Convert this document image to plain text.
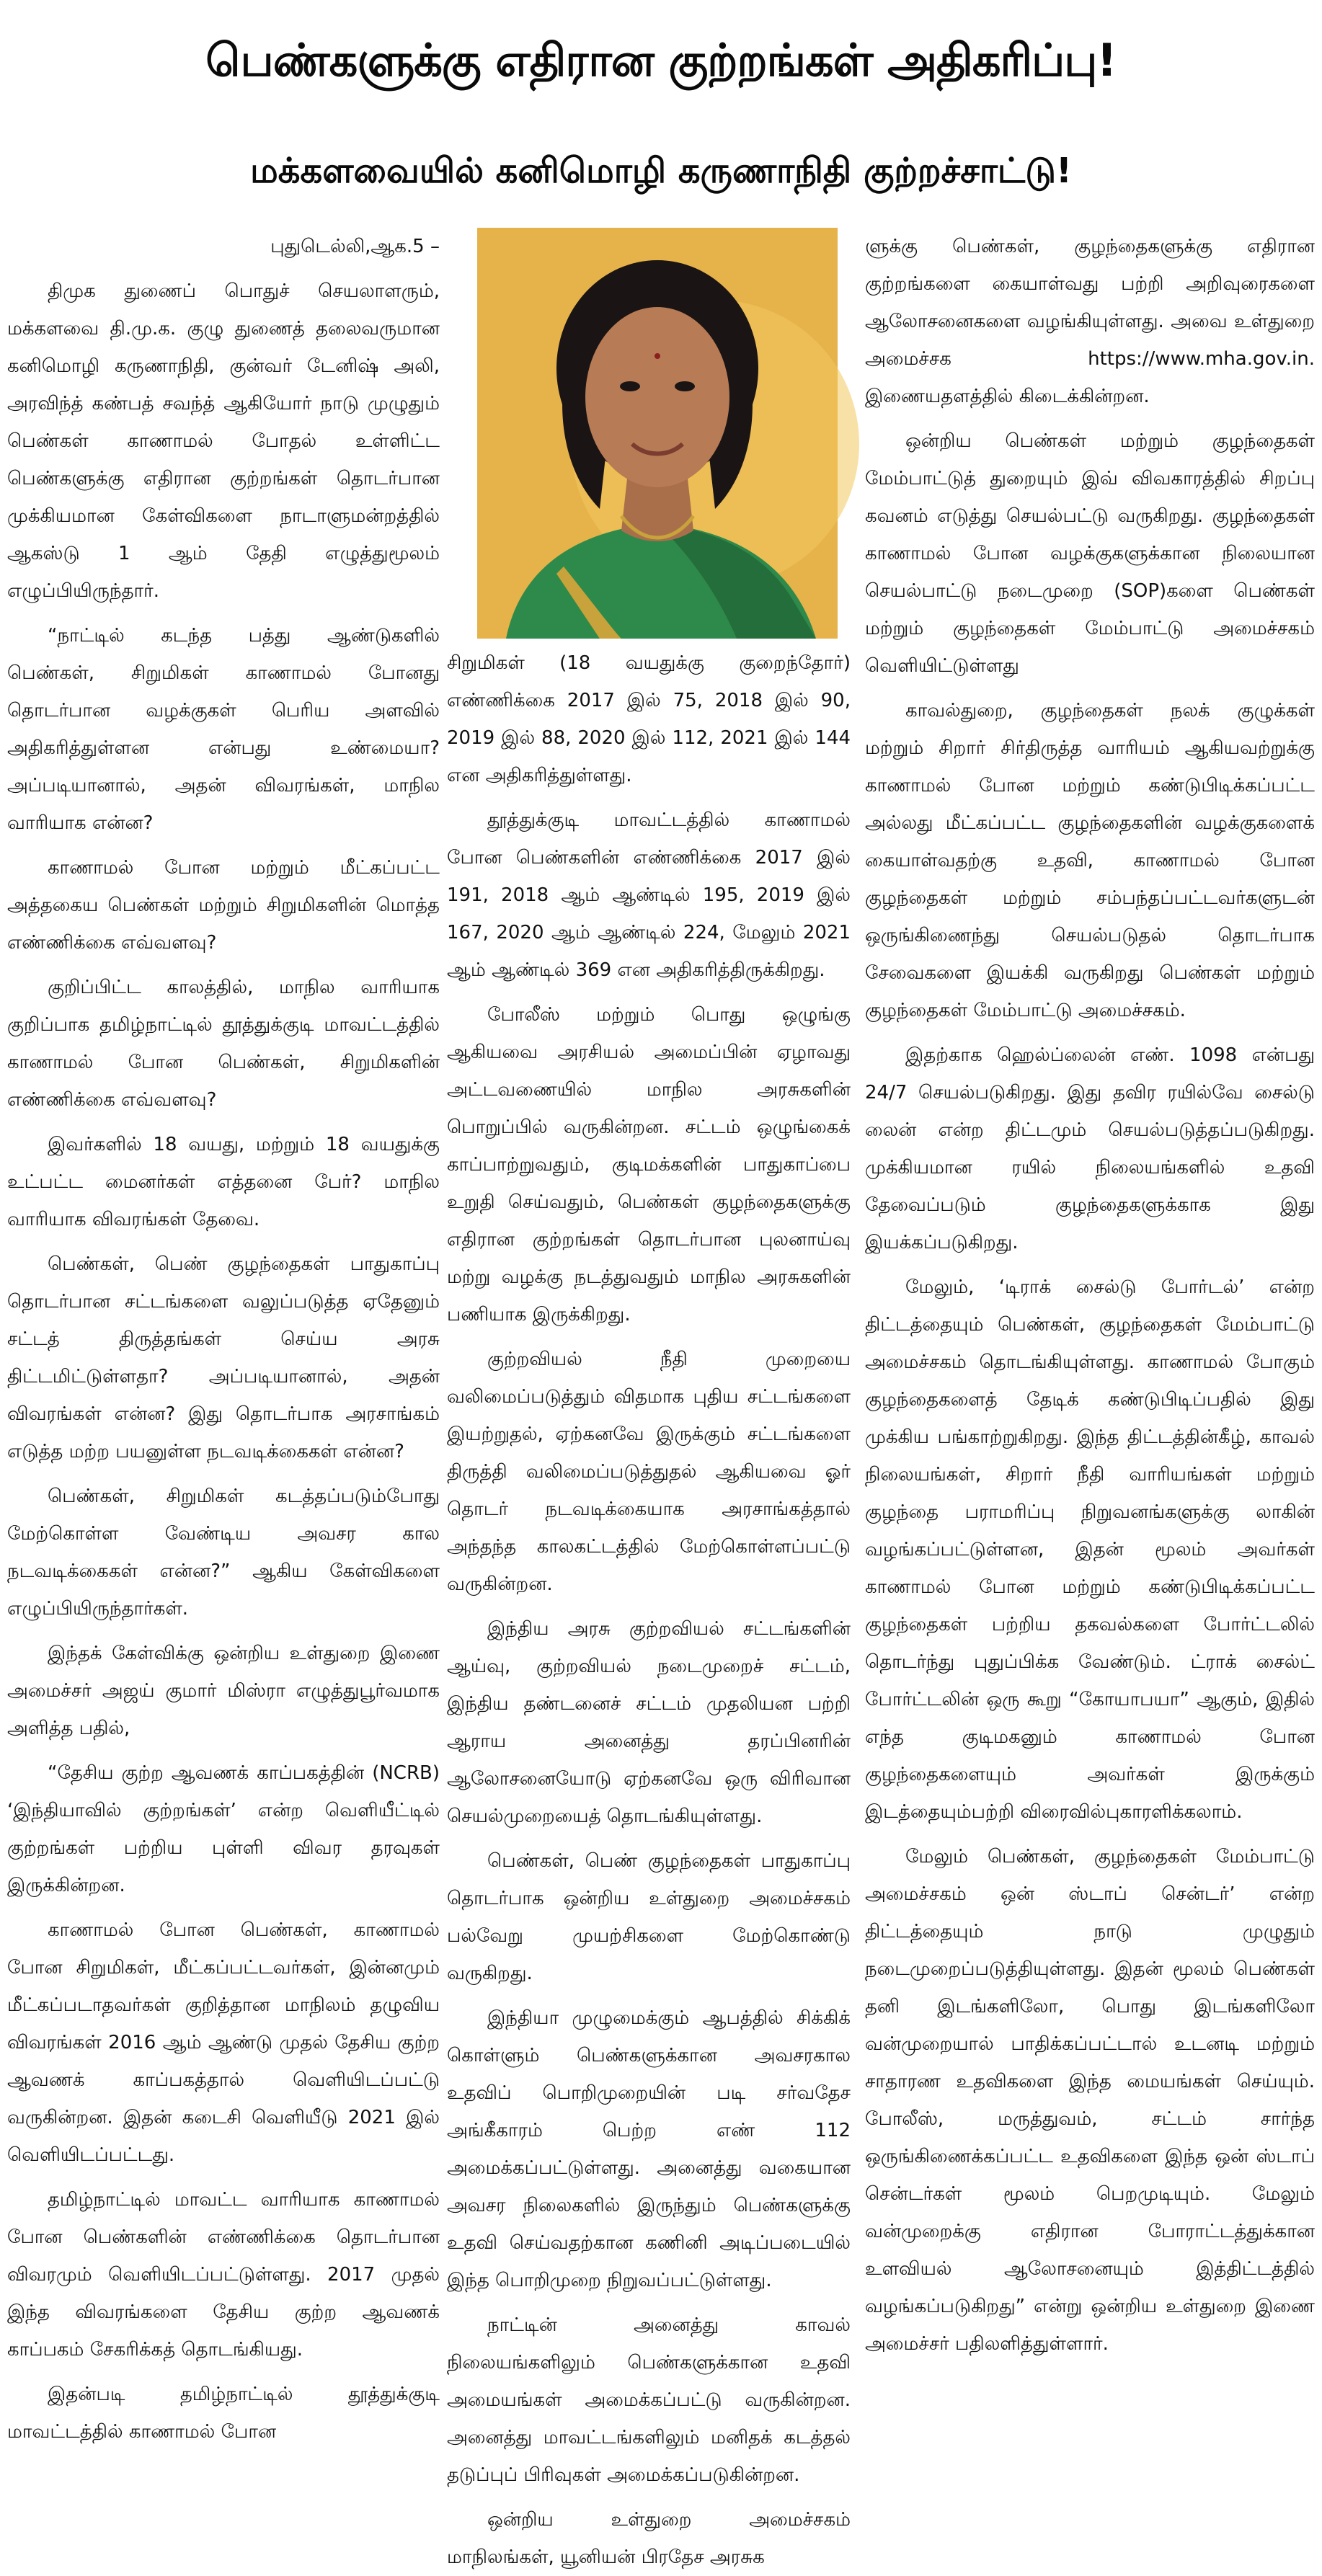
பெண்களுக்கு எதிரான குற்றங்கள் அதிகரிப்பு!
மக்களவையில் கனிமொழி கருணாநிதி குற்றச்சாட்டு!

புதுடெல்லி,ஆக.5 –

திமுக துணைப் பொதுச் செயலாளரும், மக்களவை தி.மு.க. குழு துணைத் தலைவருமான கனிமொழி கருணாநிதி, குன்வர் டேனிஷ் அலி, அரவிந்த் கண்பத் சவந்த் ஆகியோர் நாடு முழுதும் பெண்கள் காணாமல் போதல் உள்ளிட்ட பெண்களுக்கு எதிரான குற்றங்கள் தொடர்பான முக்கியமான கேள்விகளை நாடாளுமன்றத்தில் ஆகஸ்டு 1 ஆம் தேதி எழுத்துமூலம் எழுப்பியிருந்தார்.

“நாட்டில் கடந்த பத்து ஆண்டுகளில் பெண்கள், சிறுமிகள் காணாமல் போனது தொடர்பான வழக்குகள் பெரிய அளவில் அதிகரித்துள்ளன என்பது உண்மையா?அப்படியானால், அதன் விவரங்கள், மாநில வாரியாக என்ன?

காணாமல் போன மற்றும் மீட்கப்பட்ட அத்தகைய பெண்கள் மற்றும் சிறுமிகளின் மொத்த எண்ணிக்கை எவ்வளவு?

குறிப்பிட்ட காலத்தில், மாநில வாரியாக குறிப்பாக தமிழ்நாட்டில் தூத்துக்குடி மாவட்டத்தில் காணாமல் போன பெண்கள், சிறுமிகளின் எண்ணிக்கை எவ்வளவு?

இவர்களில் 18 வயது, மற்றும் 18 வயதுக்கு உட்பட்ட மைனர்கள் எத்தனை பேர்? மாநில வாரியாக விவரங்கள் தேவை.

பெண்கள், பெண் குழந்தைகள் பாதுகாப்பு தொடர்பான சட்டங்களை வலுப்படுத்த ஏதேனும் சட்டத் திருத்தங்கள் செய்ய அரசு திட்டமிட்டுள்ளதா? அப்படியானால், அதன் விவரங்கள் என்ன? இது தொடர்பாக அரசாங்கம் எடுத்த மற்ற பயனுள்ள நடவடிக்கைகள் என்ன?

பெண்கள், சிறுமிகள் கடத்தப்படும்போது மேற்கொள்ள வேண்டிய அவசர கால நடவடிக்கைகள் என்ன?” ஆகிய கேள்விகளை எழுப்பியிருந்தார்கள்.

இந்தக் கேள்விக்கு ஒன்றிய உள்துறை இணை அமைச்சர் அஜய் குமார் மிஸ்ரா எழுத்துபூர்வமாக அளித்த பதில்,

“தேசிய குற்ற ஆவணக் காப்பகத்தின் (NCRB) ‘இந்தியாவில் குற்றங்கள்’ என்ற வெளியீட்டில் குற்றங்கள் பற்றிய புள்ளி விவர தரவுகள் இருக்கின்றன.

காணாமல் போன பெண்கள், காணாமல் போன சிறுமிகள், மீட்கப்பட்டவர்கள், இன்னமும் மீட்கப்படாதவர்கள் குறித்தான மாநிலம் தழுவிய விவரங்கள் 2016 ஆம் ஆண்டு முதல் தேசிய குற்ற ஆவணக் காப்பகத்தால் வெளியிடப்பட்டு வருகின்றன. இதன் கடைசி வெளியீடு 2021 இல் வெளியிடப்பட்டது.

தமிழ்நாட்டில் மாவட்ட வாரியாக காணாமல் போன பெண்களின் எண்ணிக்கை தொடர்பான விவரமும் வெளியிடப்பட்டுள்ளது. 2017 முதல் இந்த விவரங்களை தேசிய குற்ற ஆவணக் காப்பகம் சேகரிக்கத் தொடங்கியது.

இதன்படி தமிழ்நாட்டில் தூத்துக்குடி மாவட்டத்தில் காணாமல் போன

சிறுமிகள் (18 வயதுக்கு குறைந்தோர்) எண்ணிக்கை 2017 இல் 75, 2018 இல் 90, 2019 இல் 88, 2020 இல் 112, 2021 இல் 144 என அதிகரித்துள்ளது.

தூத்துக்குடி மாவட்டத்தில் காணாமல் போன பெண்களின் எண்ணிக்கை 2017 இல் 191, 2018 ஆம் ஆண்டில் 195, 2019 இல் 167, 2020 ஆம் ஆண்டில் 224, மேலும் 2021 ஆம் ஆண்டில் 369 என அதிகரித்திருக்கிறது.

போலீஸ் மற்றும் பொது ஒழுங்கு ஆகியவை அரசியல் அமைப்பின் ஏழாவது அட்டவணையில் மாநில அரசுகளின் பொறுப்பில் வருகின்றன. சட்டம் ஒழுங்கைக் காப்பாற்றுவதும், குடிமக்களின் பாதுகாப்பை உறுதி செய்வதும், பெண்கள் குழந்தைகளுக்கு எதிரான குற்றங்கள் தொடர்பான புலனாய்வு மற்று வழக்கு நடத்துவதும் மாநில அரசுகளின் பணியாக இருக்கிறது.

குற்றவியல் நீதி முறையை வலிமைப்படுத்தும் விதமாக புதிய சட்டங்களை இயற்றுதல், ஏற்கனவே இருக்கும் சட்டங்களை திருத்தி வலிமைப்படுத்துதல் ஆகியவை ஓர் தொடர் நடவடிக்கையாக அரசாங்கத்தால் அந்தந்த காலகட்டத்தில் மேற்கொள்ளப்பட்டு வருகின்றன.

இந்திய அரசு குற்றவியல் சட்டங்களின் ஆய்வு, குற்றவியல் நடைமுறைச் சட்டம், இந்திய தண்டனைச் சட்டம் முதலியன பற்றி ஆராய அனைத்து தரப்பினரின் ஆலோசனையோடு ஏற்கனவே ஒரு விரிவான செயல்முறையைத் தொடங்கியுள்ளது.

பெண்கள், பெண் குழந்தைகள் பாதுகாப்பு தொடர்பாக ஒன்றிய உள்துறை அமைச்சகம் பல்வேறு முயற்சிகளை மேற்கொண்டு வருகிறது.

இந்தியா முழுமைக்கும் ஆபத்தில் சிக்கிக் கொள்ளும் பெண்களுக்கான அவசரகால உதவிப் பொறிமுறையின் படி சர்வதேச அங்கீகாரம் பெற்ற எண் 112 அமைக்கப்பட்டுள்ளது. அனைத்து வகையான அவசர நிலைகளில் இருந்தும் பெண்களுக்கு உதவி செய்வதற்கான கணினி அடிப்படையில் இந்த பொறிமுறை நிறுவப்பட்டுள்ளது.

நாட்டின் அனைத்து காவல் நிலையங்களிலும் பெண்களுக்கான உதவி அமையங்கள் அமைக்கப்பட்டு வருகின்றன. அனைத்து மாவட்டங்களிலும் மனிதக் கடத்தல் தடுப்புப் பிரிவுகள் அமைக்கப்படுகின்றன.

ஒன்றிய உள்துறை அமைச்சகம் மாநிலங்கள், யூனியன் பிரதேச அரசுக

ளுக்கு பெண்கள், குழந்தைகளுக்கு எதிரான குற்றங்களை கையாள்வது பற்றி அறிவுரைகளை ஆலோசனைகளை வழங்கியுள்ளது. அவை உள்துறை அமைச்சக https://www.mha.gov.in. இணையதளத்தில் கிடைக்கின்றன.

ஒன்றிய பெண்கள் மற்றும் குழந்தைகள் மேம்பாட்டுத் துறையும் இவ் விவகாரத்தில் சிறப்பு கவனம் எடுத்து செயல்பட்டு வருகிறது. குழந்தைகள் காணாமல் போன வழக்குகளுக்கான நிலையான செயல்பாட்டு நடைமுறை (SOP)களை பெண்கள் மற்றும் குழந்தைகள் மேம்பாட்டு அமைச்சகம் வெளியிட்டுள்ளது

காவல்துறை, குழந்தைகள் நலக் குழுக்கள் மற்றும் சிறார் சிர்திருத்த வாரியம் ஆகியவற்றுக்கு காணாமல் போன மற்றும் கண்டுபிடிக்கப்பட்ட அல்லது மீட்கப்பட்ட குழந்தைகளின் வழக்குகளைக் கையாள்வதற்கு உதவி, காணாமல் போன குழந்தைகள் மற்றும் சம்பந்தப்பட்டவர்களுடன் ஒருங்கிணைந்து செயல்படுதல் தொடர்பாக சேவைகளை இயக்கி வருகிறது பெண்கள் மற்றும் குழந்தைகள் மேம்பாட்டு அமைச்சகம்.

இதற்காக ஹெல்ப்லைன் எண். 1098 என்பது 24/7 செயல்படுகிறது. இது தவிர ரயில்வே சைல்டு லைன் என்ற திட்டமும் செயல்படுத்தப்படுகிறது. முக்கியமான ரயில் நிலையங்களில் உதவி தேவைப்படும் குழந்தைகளுக்காக இது இயக்கப்படுகிறது.

மேலும், ‘டிராக் சைல்டு போர்டல்’ என்ற திட்டத்தையும் பெண்கள், குழந்தைகள் மேம்பாட்டு அமைச்சகம் தொடங்கியுள்ளது. காணாமல் போகும் குழந்தைகளைத் தேடிக் கண்டுபிடிப்பதில் இது முக்கிய பங்காற்றுகிறது. இந்த திட்டத்தின்கீழ், காவல் நிலையங்கள், சிறார் நீதி வாரியங்கள் மற்றும் குழந்தை பராமரிப்பு நிறுவனங்களுக்கு லாகின் வழங்கப்பட்டுள்ளன, இதன் மூலம் அவர்கள் காணாமல் போன மற்றும் கண்டுபிடிக்கப்பட்ட குழந்தைகள் பற்றிய தகவல்களை போர்ட்டலில் தொடர்ந்து புதுப்பிக்க வேண்டும். ட்ராக் சைல்ட் போர்ட்டலின் ஒரு கூறு “கோயாபயா” ஆகும், இதில் எந்த குடிமகனும் காணாமல் போன குழந்தைகளையும் அவர்கள் இருக்கும் இடத்தையும்பற்றி விரைவில்புகாரளிக்கலாம்.

மேலும் பெண்கள், குழந்தைகள் மேம்பாட்டு அமைச்சகம் ஒன் ஸ்டாப் சென்டர்’ என்ற திட்டத்தையும் நாடு முழுதும் நடைமுறைப்படுத்தியுள்ளது. இதன் மூலம் பெண்கள் தனி இடங்களிலோ, பொது இடங்களிலோ வன்முறையால் பாதிக்கப்பட்டால் உடனடி மற்றும் சாதாரண உதவிகளை இந்த மையங்கள் செய்யும். போலீஸ், மருத்துவம், சட்டம் சார்ந்த ஒருங்கிணைக்கப்பட்ட உதவிகளை இந்த ஒன் ஸ்டாப் சென்டர்கள் மூலம் பெறமுடியும். மேலும் வன்முறைக்கு எதிரான போராட்டத்துக்கான உளவியல் ஆலோசனையும் இத்திட்டத்தில் வழங்கப்படுகிறது” என்று ஒன்றிய உள்துறை இணை அமைச்சர் பதிலளித்துள்ளார்.
